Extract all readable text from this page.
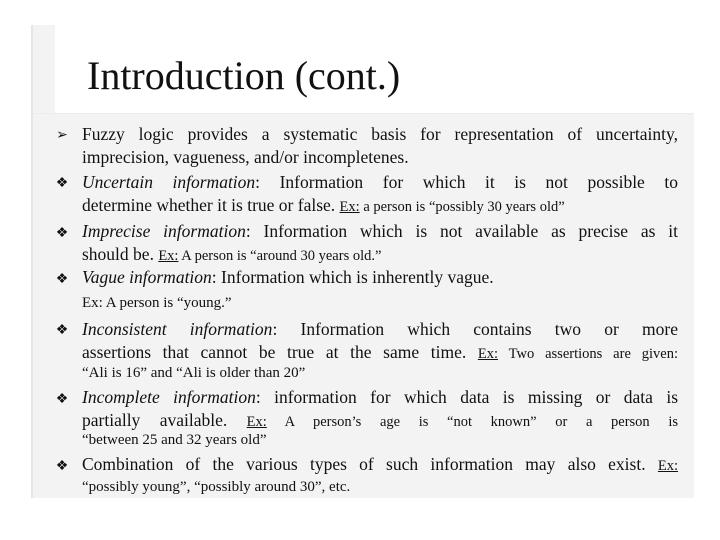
Introduction (cont.)
➢ Fuzzy logic provides a systematic basis for representation of uncertainty,
imprecision, vagueness, and/or incompletenes.
❖ Uncertain information: Information for which it is not possible to
determine whether it is true or false. Ex: a person is “possibly 30 years old”
❖ Imprecise information: Information which is not available as precise as it
should be. Ex: A person is “around 30 years old.”
❖ Vague information: Information which is inherently vague.
Ex: A person is “young.”
❖ Inconsistent information: Information which contains two or more
assertions that cannot be true at the same time. Ex: Two assertions are given:
“Ali is 16” and “Ali is older than 20”
❖ Incomplete information: information for which data is missing or data is
partially available. Ex: A person’s age is “not known” or a person is
“between 25 and 32 years old”
❖ Combination of the various types of such information may also exist. Ex:
“possibly young”, “possibly around 30”, etc.
